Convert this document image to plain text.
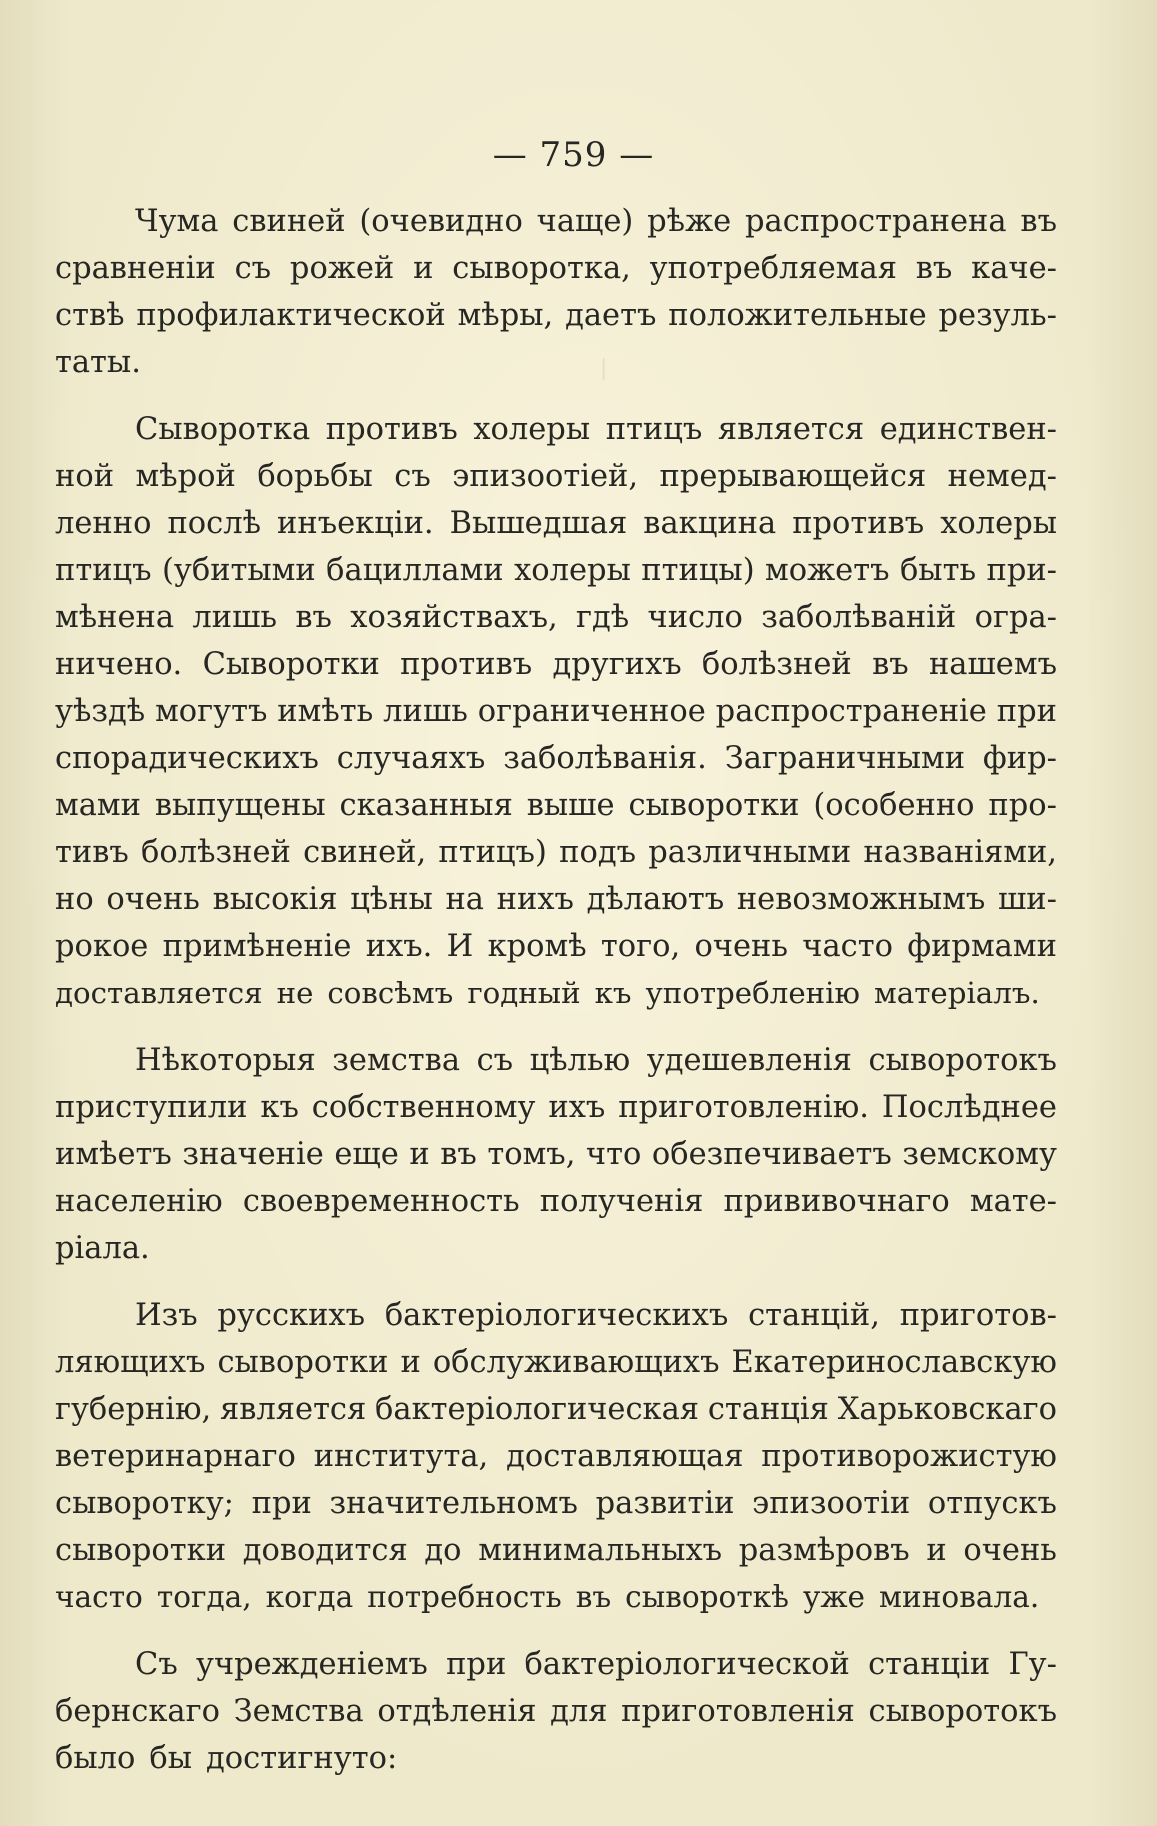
|
— 759 —
Чума свиней (очевидно чаще) рѣже распространена въ
сравненіи съ рожей и сыворотка, употребляемая въ каче-
ствѣ профилактической мѣры, даетъ положительные резуль-
таты.
Сыворотка противъ холеры птицъ является единствен-
ной мѣрой борьбы съ эпизоотіей, прерывающейся немед-
ленно послѣ инъекціи. Вышедшая вакцина противъ холеры
птицъ (убитыми бациллами холеры птицы) можетъ быть при-
мѣнена лишь въ хозяйствахъ, гдѣ число заболѣваній огра-
ничено. Сыворотки противъ другихъ болѣзней въ нашемъ
уѣздѣ могутъ имѣть лишь ограниченное распространеніе при
спорадическихъ случаяхъ заболѣванія. Заграничными фир-
мами выпущены сказанныя выше сыворотки (особенно про-
тивъ болѣзней свиней, птицъ) подъ различными названіями,
но очень высокія цѣны на нихъ дѣлаютъ невозможнымъ ши-
рокое примѣненіе ихъ. И кромѣ того, очень часто фирмами
доставляется не совсѣмъ годный къ употребленію матеріалъ.
Нѣкоторыя земства съ цѣлью удешевленія сыворотокъ
приступили къ собственному ихъ приготовленію. Послѣднее
имѣетъ значеніе еще и въ томъ, что обезпечиваетъ земскому
населенію своевременность полученія прививочнаго мате-
ріала.
Изъ русскихъ бактеріологическихъ станцій, приготов-
ляющихъ сыворотки и обслуживающихъ Екатеринославскую
губернію, является бактеріологическая станція Харьковскаго
ветеринарнаго института, доставляющая противорожистую
сыворотку; при значительномъ развитіи эпизоотіи отпускъ
сыворотки доводится до минимальныхъ размѣровъ и очень
часто тогда, когда потребность въ сывороткѣ уже миновала.
Съ учрежденіемъ при бактеріологической станціи Гу-
бернскаго Земства отдѣленія для приготовленія сыворотокъ
было бы достигнуто:
